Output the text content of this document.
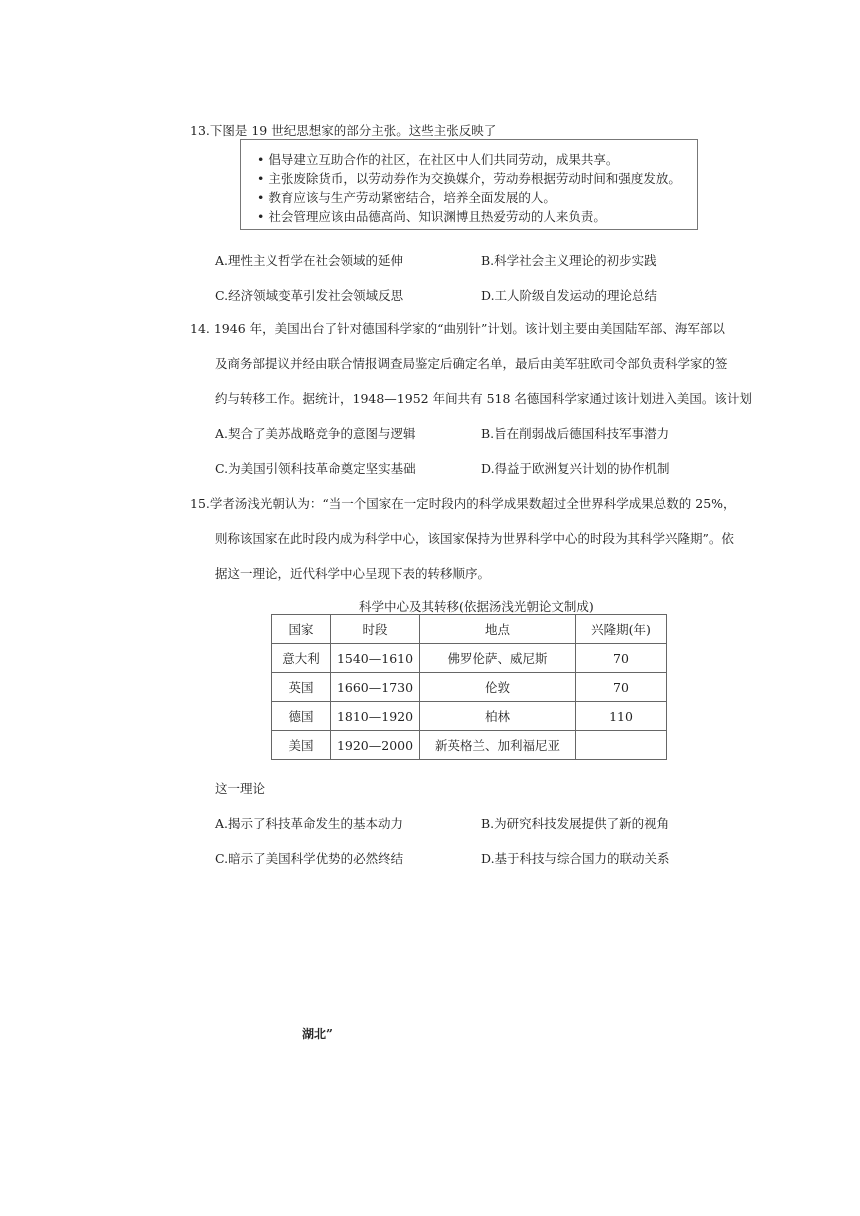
13.下图是 19 世纪思想家的部分主张。这些主张反映了
• 倡导建立互助合作的社区，在社区中人们共同劳动，成果共享。
• 主张废除货币，以劳动券作为交换媒介，劳动券根据劳动时间和强度发放。
• 教育应该与生产劳动紧密结合，培养全面发展的人。
• 社会管理应该由品德高尚、知识渊博且热爱劳动的人来负责。
A.理性主义哲学在社会领域的延伸	B.科学社会主义理论的初步实践
C.经济领域变革引发社会领域反思	D.工人阶级自发运动的理论总结
14. 1946 年，美国出台了针对德国科学家的“曲别针”计划。该计划主要由美国陆军部、海军部以
及商务部提议并经由联合情报调查局鉴定后确定名单，最后由美军驻欧司令部负责科学家的签
约与转移工作。据统计，1948—1952 年间共有 518 名德国科学家通过该计划进入美国。该计划
A.契合了美苏战略竞争的意图与逻辑	B.旨在削弱战后德国科技军事潜力
C.为美国引领科技革命奠定坚实基础	D.得益于欧洲复兴计划的协作机制
15.学者汤浅光朝认为：“当一个国家在一定时段内的科学成果数超过全世界科学成果总数的 25%，
则称该国家在此时段内成为科学中心，该国家保持为世界科学中心的时段为其科学兴隆期”。依
据这一理论，近代科学中心呈现下表的转移顺序。
科学中心及其转移(依据汤浅光朝论文制成)
国家	时段	地点	兴隆期(年)
意大利	1540—1610	佛罗伦萨、威尼斯	70
英国	1660—1730	伦敦	70
德国	1810—1920	柏林	110
美国	1920—2000	新英格兰、加利福尼亚	
这一理论
A.揭示了科技革命发生的基本动力	B.为研究科技发展提供了新的视角
C.暗示了美国科学优势的必然终结	D.基于科技与综合国力的联动关系
湖北”
